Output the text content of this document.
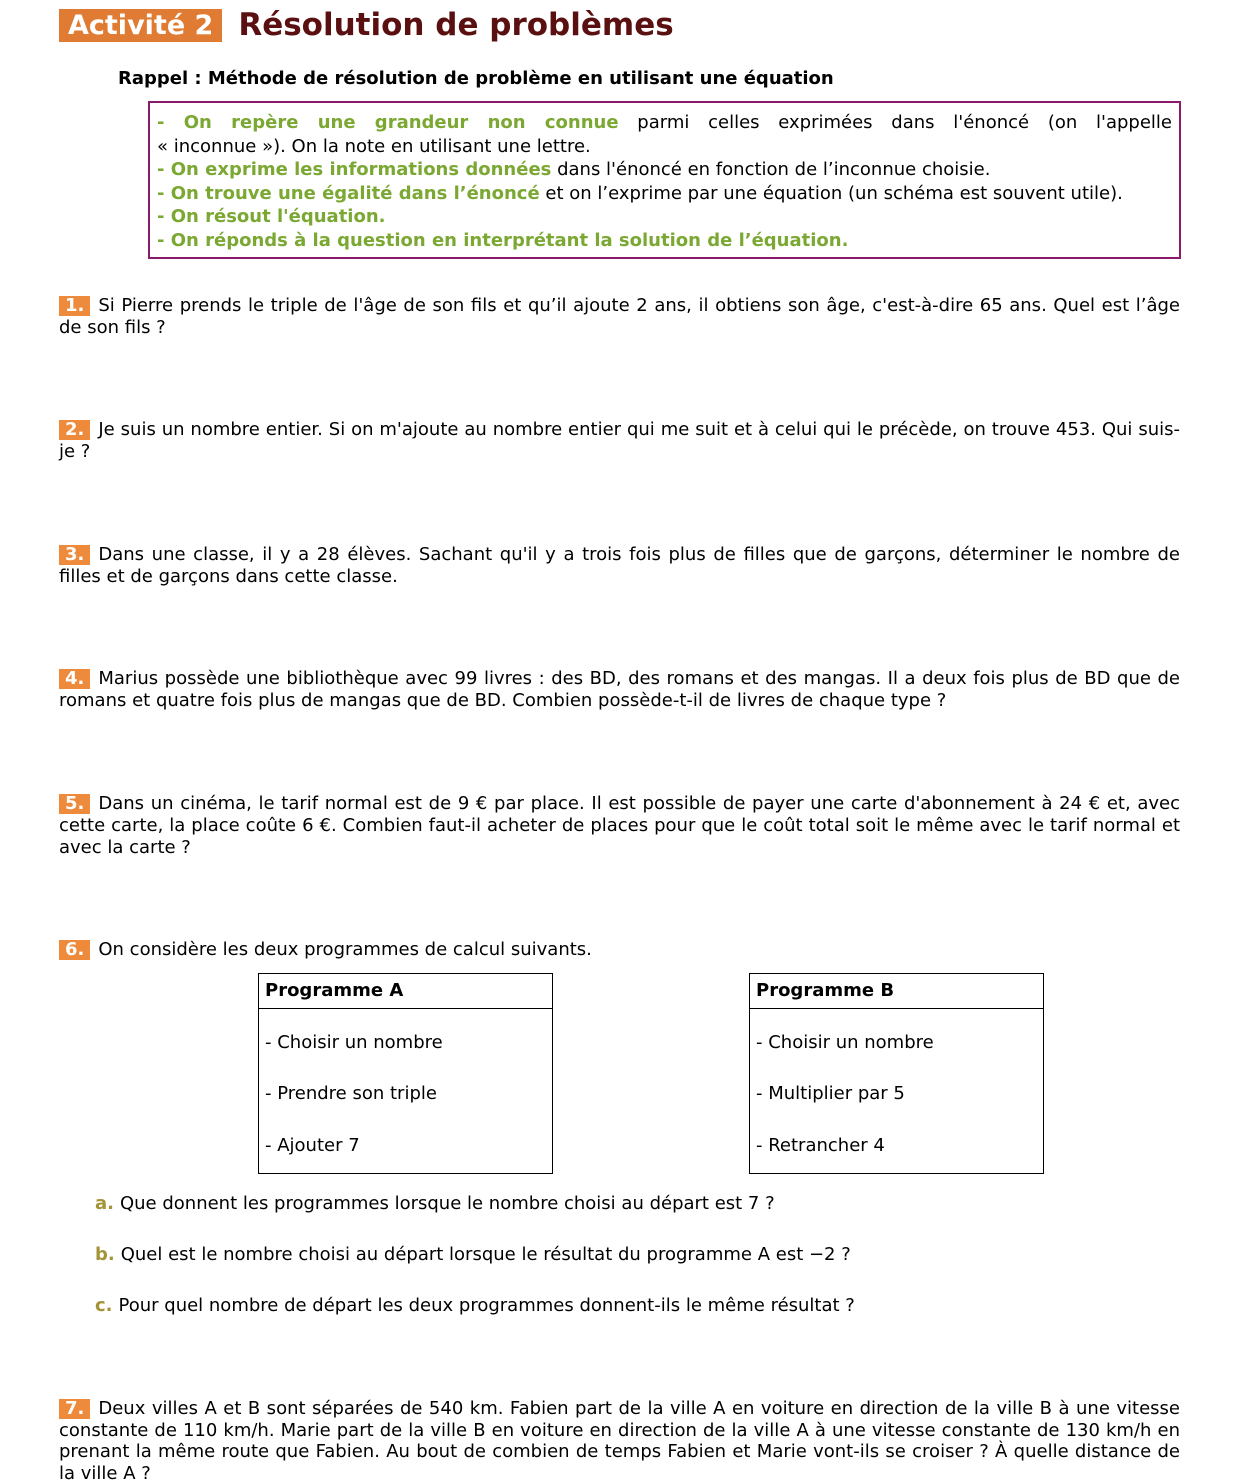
Activité 2 Résolution de problèmes
Rappel : Méthode de résolution de problème en utilisant une équation

- On repère une grandeur non connue parmi celles exprimées dans l'énoncé (on l'appelle

« inconnue »). On la note en utilisant une lettre.

- On exprime les informations données dans l'énoncé en fonction de l’inconnue choisie.

- On trouve une égalité dans l’énoncé et on l’exprime par une équation (un schéma est souvent utile).

- On résout l'équation.

- On réponds à la question en interprétant la solution de l’équation.

1. Si Pierre prends le triple de l'âge de son fils et qu’il ajoute 2 ans, il obtiens son âge, c'est-à-dire 65 ans. Quel est l’âge de son fils ?
2. Je suis un nombre entier. Si on m'ajoute au nombre entier qui me suit et à celui qui le précède, on trouve 453. Qui suis-je ?
3. Dans une classe, il y a 28 élèves. Sachant qu'il y a trois fois plus de filles que de garçons, déterminer le nombre de filles et de garçons dans cette classe.
4. Marius possède une bibliothèque avec 99 livres : des BD, des romans et des mangas. Il a deux fois plus de BD que de romans et quatre fois plus de mangas que de BD. Combien possède-t-il de livres de chaque type ?
5. Dans un cinéma, le tarif normal est de 9 € par place. Il est possible de payer une carte d'abonnement à 24 € et, avec cette carte, la place coûte 6 €. Combien faut-il acheter de places pour que le coût total soit le même avec le tarif normal et avec la carte ?
6. On considère les deux programmes de calcul suivants.
Programme A
- Choisir un nombre
- Prendre son triple
- Ajouter 7
Programme B
- Choisir un nombre
- Multiplier par 5
- Retrancher 4
a. Que donnent les programmes lorsque le nombre choisi au départ est 7 ?
b. Quel est le nombre choisi au départ lorsque le résultat du programme A est −2 ?
c. Pour quel nombre de départ les deux programmes donnent-ils le même résultat ?
7. Deux villes A et B sont séparées de 540 km. Fabien part de la ville A en voiture en direction de la ville B à une vitesse constante de 110 km/h. Marie part de la ville B en voiture en direction de la ville A à une vitesse constante de 130 km/h en prenant la même route que Fabien. Au bout de combien de temps Fabien et Marie vont-ils se croiser ? À quelle distance de la ville A ?
